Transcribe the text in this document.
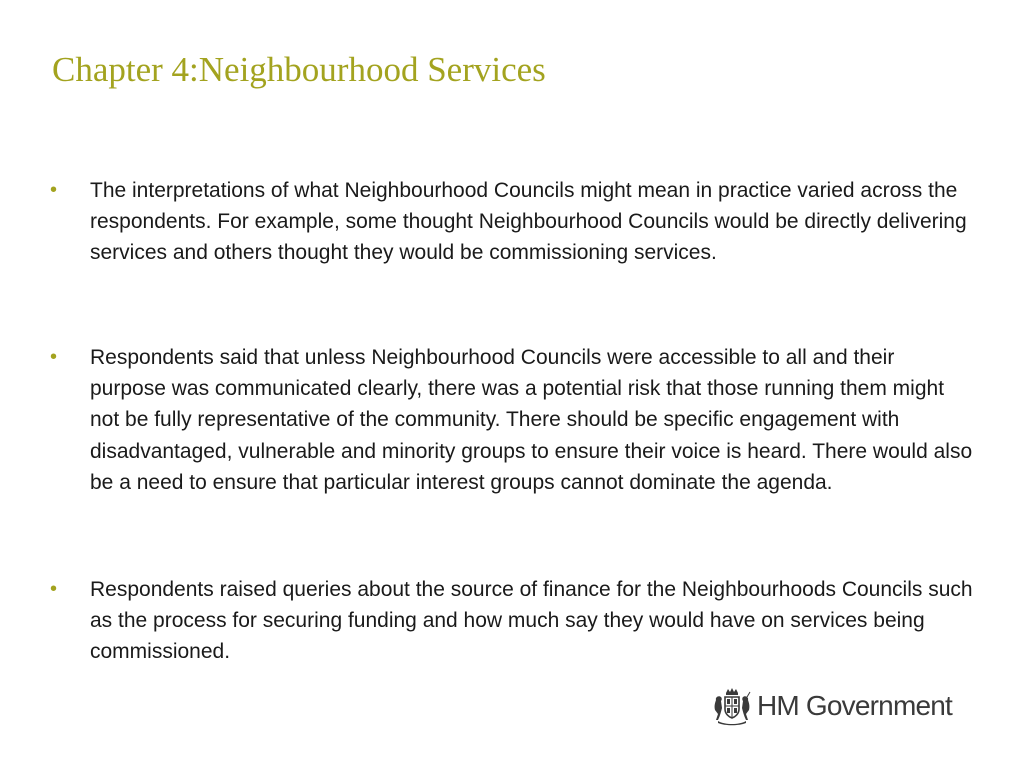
Chapter 4:Neighbourhood Services
• The interpretations of what Neighbourhood Councils might mean in practice varied across the respondents. For example, some thought Neighbourhood Councils would be directly delivering services and others thought they would be commissioning services.
• Respondents said that unless Neighbourhood Councils were accessible to all and their purpose was communicated clearly, there was a potential risk that those running them might not be fully representative of the community. There should be specific engagement with disadvantaged, vulnerable and minority groups to ensure their voice is heard. There would also be a need to ensure that particular interest groups cannot dominate the agenda.
• Respondents raised queries about the source of finance for the Neighbourhoods Councils such as the process for securing funding and how much say they would have on services being commissioned.
HM Government
